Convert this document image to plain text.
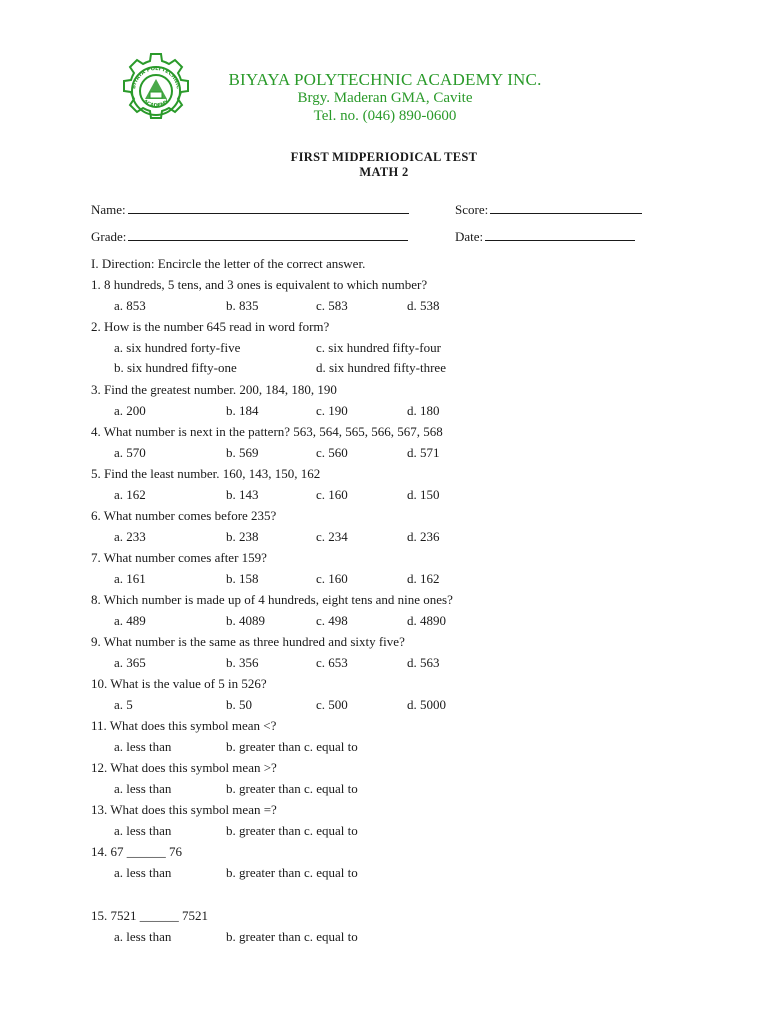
BIYAYA POLYTECHNIC
ACADEMY
BIYAYA POLYTECHNIC ACADEMY INC.
Brgy. Maderan GMA, Cavite
Tel. no. (046) 890-0600
FIRST MIDPERIODICAL TEST
MATH 2
Name:	Score:
Grade:	Date:
I. Direction: Encircle the letter of the correct answer.
1. 8 hundreds, 5 tens, and 3 ones is equivalent to which number?
a. 853	b. 835	c. 583	d. 538
2. How is the number 645 read in word form?
a. six hundred forty-five	c. six hundred fifty-four
b. six hundred fifty-one	d. six hundred fifty-three
3. Find the greatest number. 200, 184, 180, 190
a. 200	b. 184	c. 190	d. 180
4. What number is next in the pattern? 563, 564, 565, 566, 567, 568
a. 570	b. 569	c. 560	d. 571
5. Find the least number. 160, 143, 150, 162
a. 162	b. 143	c. 160	d. 150
6. What number comes before 235?
a. 233	b. 238	c. 234	d. 236
7. What number comes after 159?
a. 161	b. 158	c. 160	d. 162
8. Which number is made up of 4 hundreds, eight tens and nine ones?
a. 489	b. 4089	c. 498	d. 4890
9. What number is the same as three hundred and sixty five?
a. 365	b. 356	c. 653	d. 563
10. What is the value of 5 in 526?
a. 5	b. 50	c. 500	d. 5000
11. What does this symbol mean <?
a. less than	b. greater than c. equal to
12. What does this symbol mean >?
a. less than	b. greater than c. equal to
13. What does this symbol mean =?
a. less than	b. greater than c. equal to
14. 67 ______ 76
a. less than	b. greater than c. equal to
15. 7521 ______ 7521
a. less than	b. greater than c. equal to
